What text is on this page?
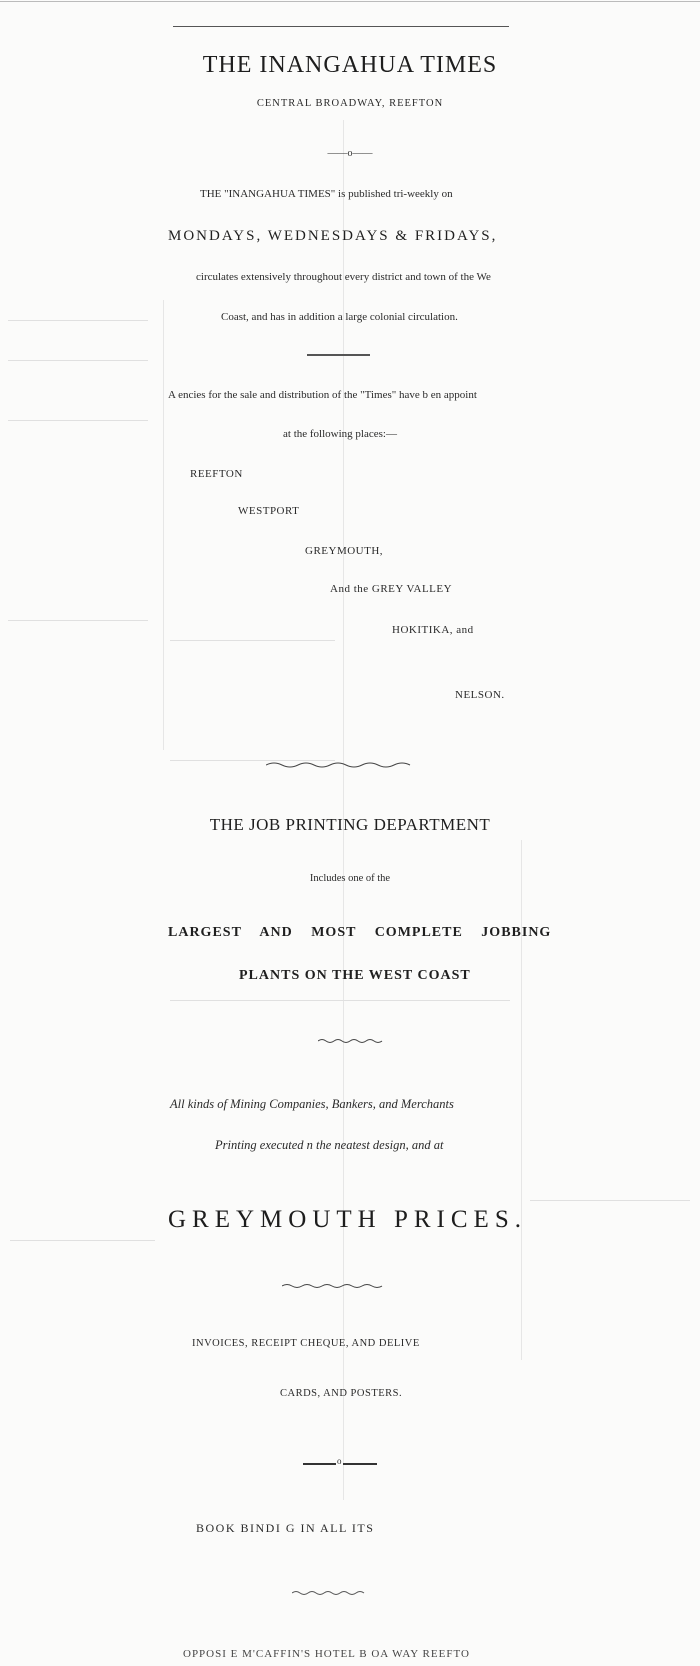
THE INANGAHUA TIMES
CENTRAL BROADWAY, REEFTON
——o——
THE "INANGAHUA TIMES" is published tri-weekly on
MONDAYS, WEDNESDAYS & FRIDAYS,
circulates extensively throughout every district and town of the We
Coast, and has in addition a large colonial circulation.
A encies for the sale and distribution of the "Times" have b en appoint
at the following places:—
REEFTON
WESTPORT
GREYMOUTH,
And the GREY VALLEY
HOKITIKA, and
NELSON.
THE JOB PRINTING DEPARTMENT
Includes one of the
LARGEST AND MOST COMPLETE JOBBING
PLANTS ON THE WEST COAST
All kinds of Mining Companies, Bankers, and Merchants
Printing executed n the neatest design, and at
GREYMOUTH PRICES.
INVOICES, RECEIPT CHEQUE, AND DELIVE
CARDS, AND POSTERS.
o
BOOK BINDI G IN ALL ITS
OPPOSI E M'CAFFIN'S HOTEL B OA WAY REEFTO
